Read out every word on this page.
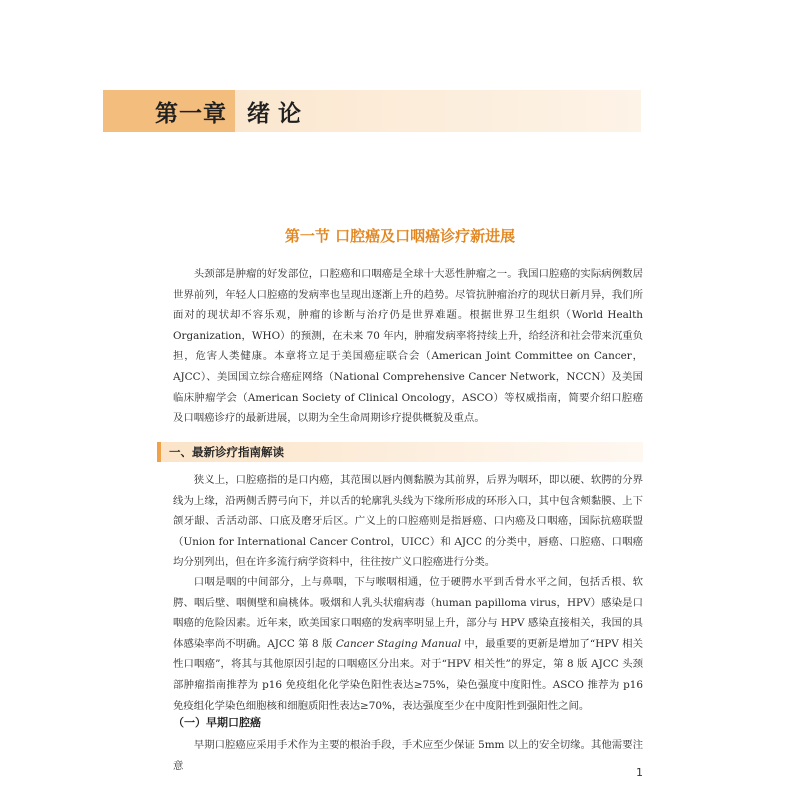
第一章 绪论
第一节 口腔癌及口咽癌诊疗新进展

头颈部是肿瘤的好发部位，口腔癌和口咽癌是全球十大恶性肿瘤之一。我国口腔癌的实际病例数居世界前列，年轻人口腔癌的发病率也呈现出逐渐上升的趋势。尽管抗肿瘤治疗的现状日新月异，我们所面对的现状却不容乐观，肿瘤的诊断与治疗仍是世界难题。根据世界卫生组织（World Health Organization，WHO）的预测，在未来 70 年内，肿瘤发病率将持续上升，给经济和社会带来沉重负担，危害人类健康。本章将立足于美国癌症联合会（American Joint Committee on Cancer，AJCC）、美国国立综合癌症网络（National Comprehensive Cancer Network，NCCN）及美国临床肿瘤学会（American Society of Clinical Oncology，ASCO）等权威指南，简要介绍口腔癌及口咽癌诊疗的最新进展，以期为全生命周期诊疗提供概貌及重点。

一、最新诊疗指南解读

狭义上，口腔癌指的是口内癌，其范围以唇内侧黏膜为其前界，后界为咽环，即以硬、软腭的分界线为上缘，沿两侧舌腭弓向下，并以舌的轮廓乳头线为下缘所形成的环形入口，其中包含颊黏膜、上下颌牙龈、舌活动部、口底及磨牙后区。广义上的口腔癌则是指唇癌、口内癌及口咽癌，国际抗癌联盟（Union for International Cancer Control，UICC）和 AJCC 的分类中，唇癌、口腔癌、口咽癌均分别列出，但在许多流行病学资料中，往往按广义口腔癌进行分类。

口咽是咽的中间部分，上与鼻咽，下与喉咽相通，位于硬腭水平到舌骨水平之间，包括舌根、软腭、咽后壁、咽侧壁和扁桃体。吸烟和人乳头状瘤病毒（human papilloma virus，HPV）感染是口咽癌的危险因素。近年来，欧美国家口咽癌的发病率明显上升，部分与 HPV 感染直接相关，我国的具体感染率尚不明确。AJCC 第 8 版 Cancer Staging Manual 中，最重要的更新是增加了“HPV 相关性口咽癌”，将其与其他原因引起的口咽癌区分出来。对于“HPV 相关性”的界定，第 8 版 AJCC 头颈部肿瘤指南推荐为 p16 免疫组化化学染色阳性表达≥75%，染色强度中度阳性。ASCO 推荐为 p16 免疫组化学染色细胞核和细胞质阳性表达≥70%，表达强度至少在中度阳性到强阳性之间。

（一）早期口腔癌

早期口腔癌应采用手术作为主要的根治手段，手术应至少保证 5mm 以上的安全切缘。其他需要注意

1
